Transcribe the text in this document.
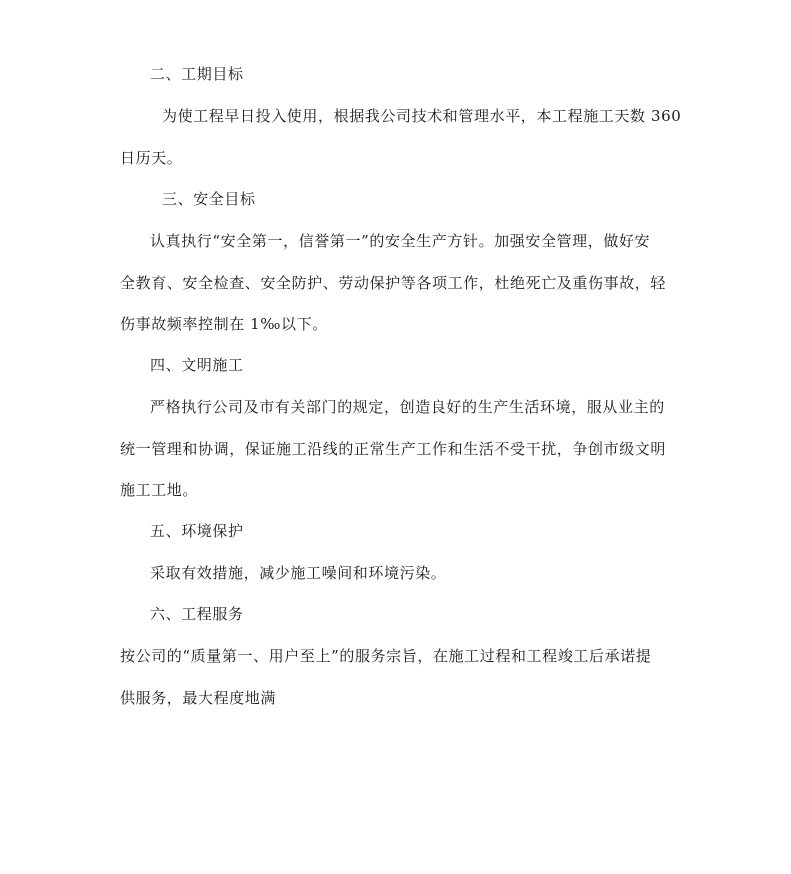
二、工期目标
为使工程早日投入使用，根据我公司技术和管理水平，本工程施工天数 360
日历天。
三、安全目标
认真执行“安全第一，信誉第一”的安全生产方针。加强安全管理，做好安
全教育、安全检查、安全防护、劳动保护等各项工作，杜绝死亡及重伤事故，轻
伤事故频率控制在 1‰以下。
四、文明施工
严格执行公司及市有关部门的规定，创造良好的生产生活环境，服从业主的
统一管理和协调，保证施工沿线的正常生产工作和生活不受干扰，争创市级文明
施工工地。
五、环境保护
采取有效措施，减少施工噪间和环境污染。
六、工程服务
按公司的“质量第一、用户至上”的服务宗旨，在施工过程和工程竣工后承诺提
供服务，最大程度地满
